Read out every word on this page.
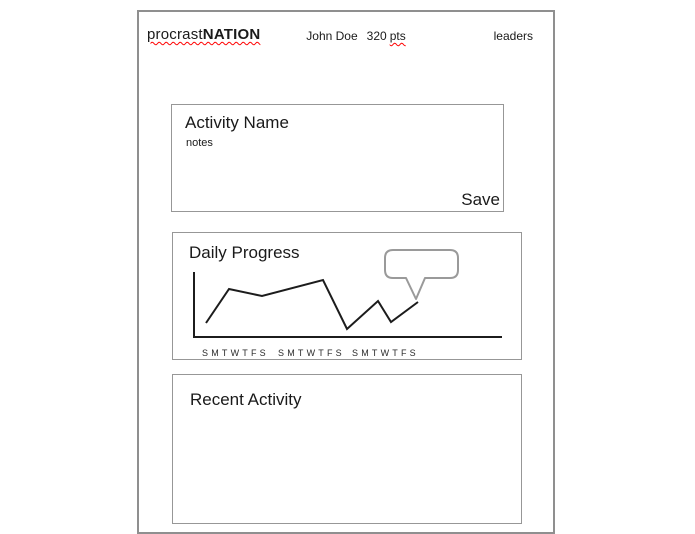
procrastNATION	John Doe 320 pts	leaders
Activity Name
notes
Save
Daily Progress
SMTWTFS SMTWTFS SMTWTFS
Recent Activity
